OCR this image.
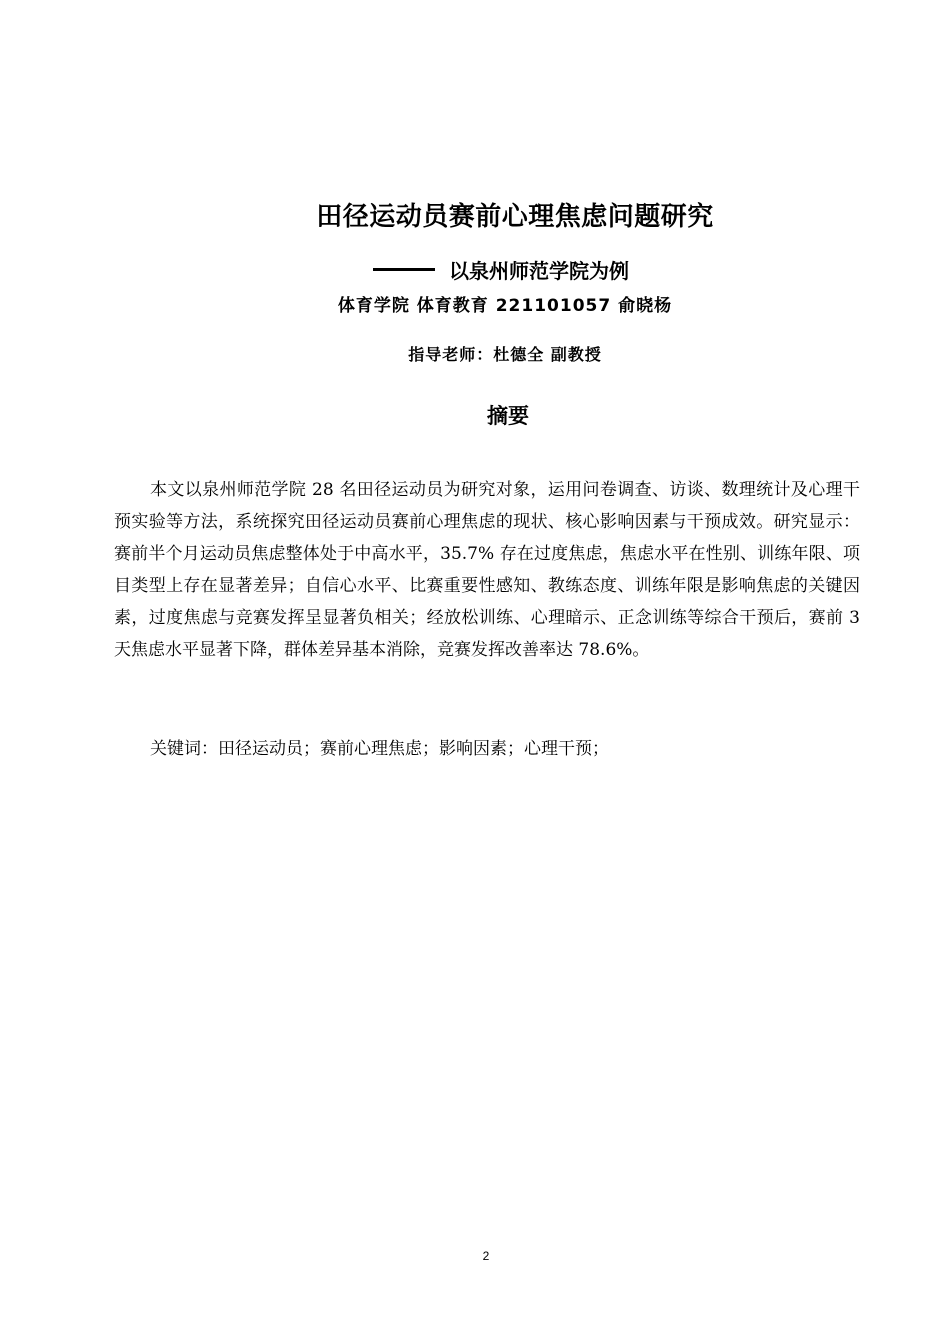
田径运动员赛前心理焦虑问题研究
以泉州师范学院为例
体育学院 体育教育 221101057 俞晓杨
指导老师：杜德全 副教授
摘要

本文以泉州师范学院 28 名田径运动员为研究对象，运用问卷调查、访谈、数理统计及心理干预实验等方法，系统探究田径运动员赛前心理焦虑的现状、核心影响因素与干预成效。研究显示：赛前半个月运动员焦虑整体处于中高水平，35.7% 存在过度焦虑，焦虑水平在性别、训练年限、项目类型上存在显著差异；自信心水平、比赛重要性感知、教练态度、训练年限是影响焦虑的关键因素，过度焦虑与竞赛发挥呈显著负相关；经放松训练、心理暗示、正念训练等综合干预后，赛前 3 天焦虑水平显著下降，群体差异基本消除，竞赛发挥改善率达 78.6%。

关键词：田径运动员；赛前心理焦虑；影响因素；心理干预；
2
